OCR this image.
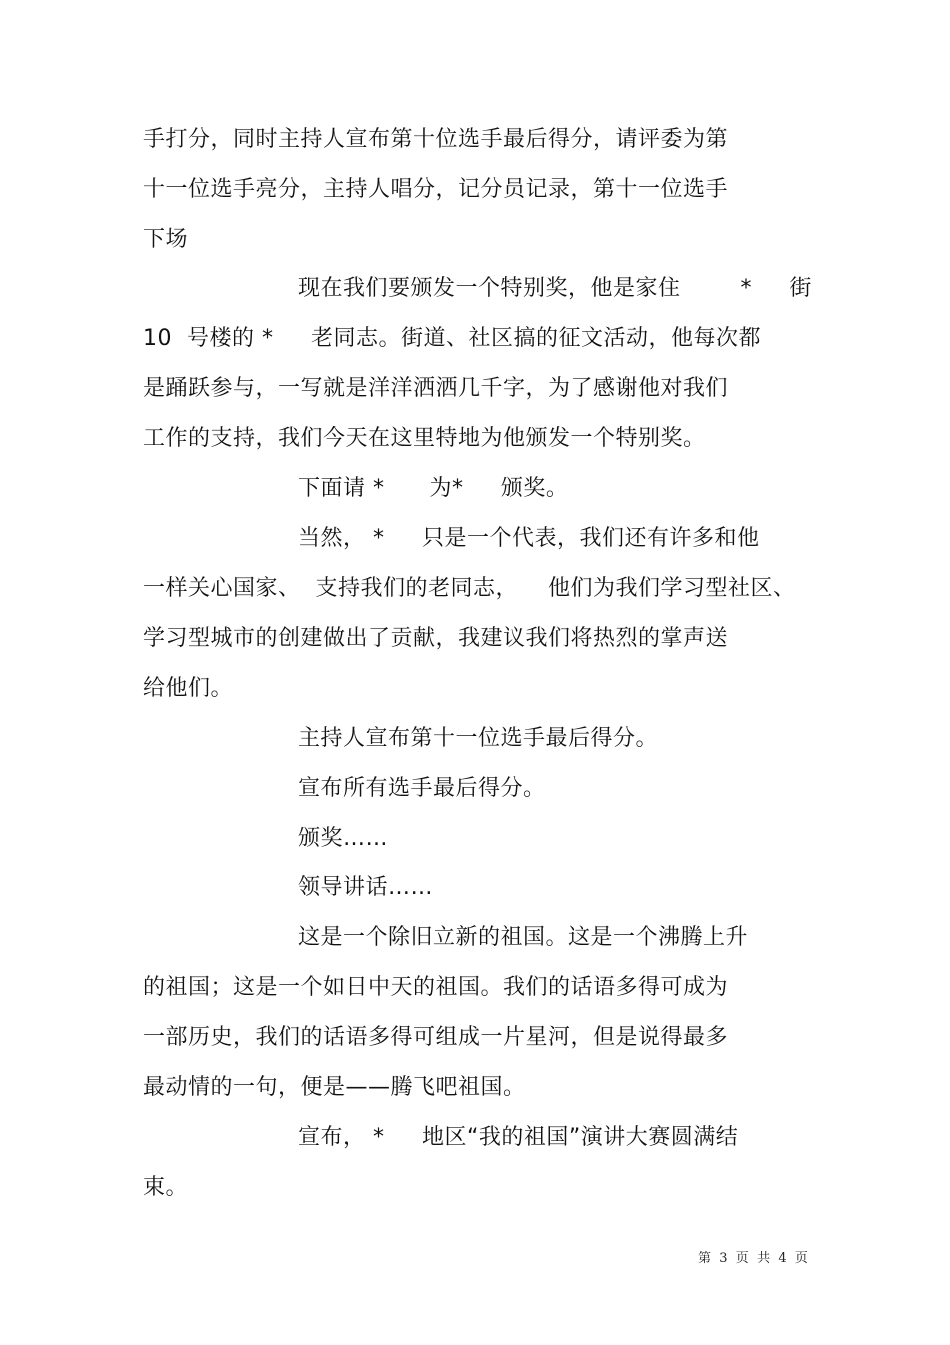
手打分，同时主持人宣布第十位选手最后得分，请评委为第
十一位选手亮分，主持人唱分，记分员记录，第十一位选手
下场
现在我们要颁发一个特别奖，他是家住        *     街
10  号楼的 *     老同志。街道、社区搞的征文活动，他每次都
是踊跃参与，一写就是洋洋洒洒几千字，为了感谢他对我们
工作的支持，我们今天在这里特地为他颁发一个特别奖。
下面请 *      为*     颁奖。
当然， *     只是一个代表，我们还有许多和他
一样关心国家、  支持我们的老同志，    他们为我们学习型社区、
学习型城市的创建做出了贡献，我建议我们将热烈的掌声送
给他们。
主持人宣布第十一位选手最后得分。
宣布所有选手最后得分。
颁奖……
领导讲话……
这是一个除旧立新的祖国。这是一个沸腾上升
的祖国；这是一个如日中天的祖国。我们的话语多得可成为
一部历史，我们的话语多得可组成一片星河，但是说得最多
最动情的一句，便是——腾飞吧祖国。
宣布， *     地区“我的祖国”演讲大赛圆满结
束。
第  3  页  共  4  页
